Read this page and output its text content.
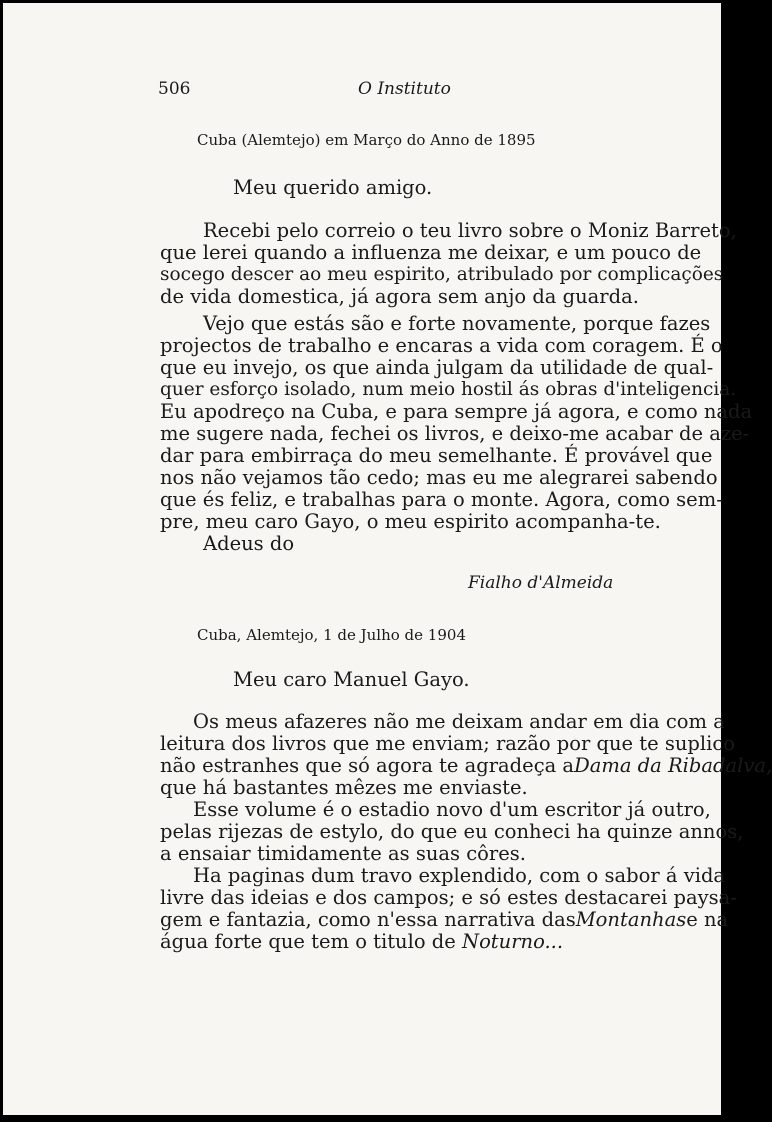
506	O Instituto
Cuba (Alemtejo) em Março do Anno de 1895
Meu querido amigo.
Recebi pelo correio o teu livro sobre o Moniz Barreto,
que lerei quando a influenza me deixar, e um pouco de
socego descer ao meu espirito, atribulado por complicações
de vida domestica, já agora sem anjo da guarda.
Vejo que estás são e forte novamente, porque fazes
projectos de trabalho e encaras a vida com coragem. É o
que eu invejo, os que ainda julgam da utilidade de qual-
quer esforço isolado, num meio hostil ás obras d'inteligencia.
Eu apodreço na Cuba, e para sempre já agora, e como nada
me sugere nada, fechei os livros, e deixo-me acabar de aze-
dar para embirraça do meu semelhante. É provável que
nos não vejamos tão cedo; mas eu me alegrarei sabendo
que és feliz, e trabalhas para o monte. Agora, como sem-
pre, meu caro Gayo, o meu espirito acompanha-te.
Adeus do
Fialho d'Almeida
Cuba, Alemtejo, 1 de Julho de 1904
Meu caro Manuel Gayo.
Os meus afazeres não me deixam andar em dia com a
leitura dos livros que me enviam; razão por que te suplico
não estranhes que só agora te agradeça a Dama da Ribadalva,
que há bastantes mêzes me enviaste.
Esse volume é o estadio novo d'um escritor já outro,
pelas rijezas de estylo, do que eu conheci ha quinze annos,
a ensaiar timidamente as suas côres.
Ha paginas dum travo explendido, com o sabor á vida
livre das ideias e dos campos; e só estes destacarei paysa-
gem e fantazia, como n'essa narrativa das Montanhas e na
água forte que tem o titulo de Noturno...
